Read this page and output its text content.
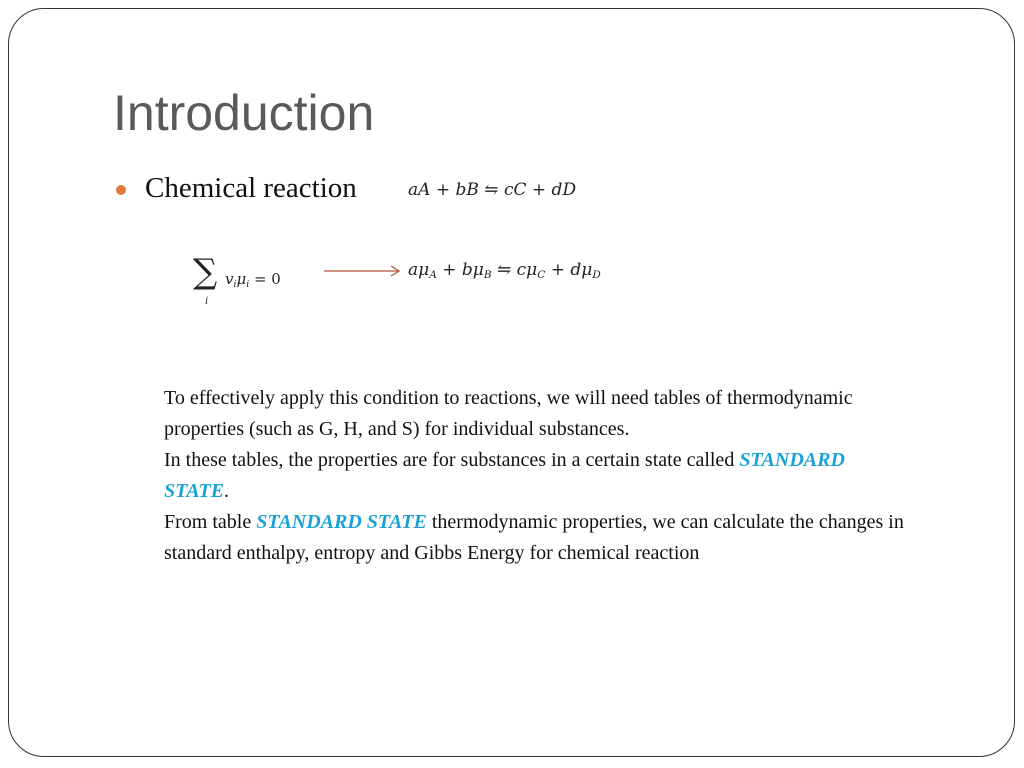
Introduction
Chemical reaction	aA + bB ⇋ cC + dD
∑
i
$v_i\mu_i = 0$	$a\mu_A + b\mu_B$ ⇋ $c\mu_C + d\mu_D$

To effectively apply this condition to reactions, we will need tables of thermodynamic properties (such as G, H, and S) for individual substances.

In these tables, the properties are for substances in a certain state called STANDARD STATE.

From table STANDARD STATE thermodynamic properties, we can calculate the changes in standard enthalpy, entropy and Gibbs Energy for chemical reaction
